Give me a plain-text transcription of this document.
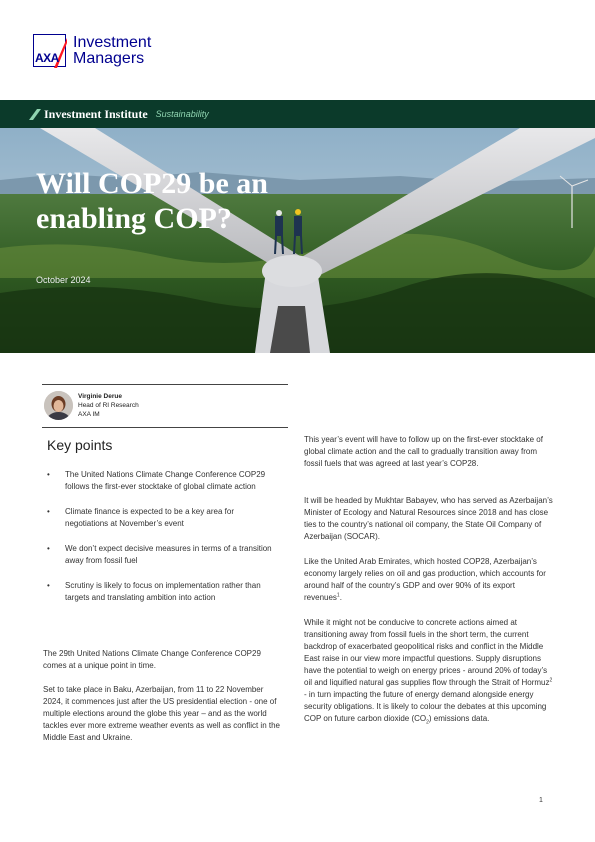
AXA
Investment
Managers
Investment Institute Sustainability
Will COP29 be an
enabling COP?
October 2024
Virginie Derue
Head of RI Research
AXA IM
Key points
• The United Nations Climate Change Conference COP29 follows the first-ever stocktake of global climate action
• Climate finance is expected to be a key area for negotiations at November’s event
• We don’t expect decisive measures in terms of a transition away from fossil fuel
• Scrutiny is likely to focus on implementation rather than targets and translating ambition into action

The 29th United Nations Climate Change Conference COP29 comes at a unique point in time.

Set to take place in Baku, Azerbaijan, from 11 to 22 November 2024, it commences just after the US presidential election - one of multiple elections around the globe this year – and as the world tackles ever more extreme weather events as well as conflict in the Middle East and Ukraine.

This year’s event will have to follow up on the first-ever stocktake of global climate action and the call to gradually transition away from fossil fuels that was agreed at last year’s COP28.

It will be headed by Mukhtar Babayev, who has served as Azerbaijan’s Minister of Ecology and Natural Resources since 2018 and has close ties to the country’s national oil company, the State Oil Company of Azerbaijan (SOCAR).

Like the United Arab Emirates, which hosted COP28, Azerbaijan’s economy largely relies on oil and gas production, which accounts for around half of the country’s GDP and over 90% of its export revenues$^1$.

While it might not be conducive to concrete actions aimed at transitioning away from fossil fuels in the short term, the current backdrop of exacerbated geopolitical risks and conflict in the Middle East raise in our view more impactful questions. Supply disruptions have the potential to weigh on energy prices - around 20% of today’s oil and liquified natural gas supplies flow through the Strait of Hormuz$^2$ - in turn impacting the future of energy demand alongside energy security obligations. It is likely to colour the debates at this upcoming COP on future carbon dioxide $(CO_2)$ emissions data.

1
